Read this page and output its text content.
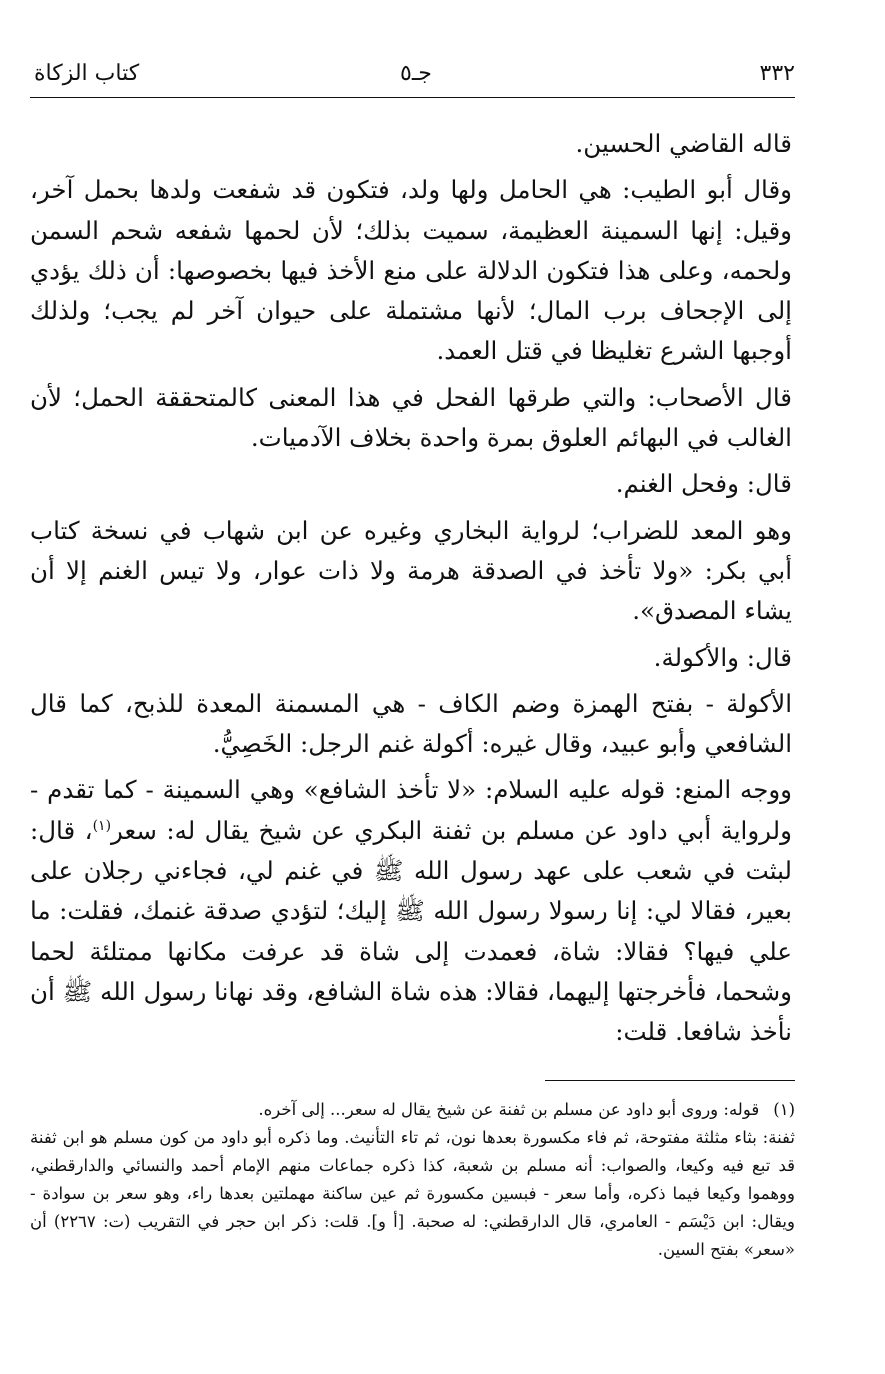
كتاب الزكاة	جـ٥	٣٣٢

قاله القاضي الحسين.

وقال أبو الطيب: هي الحامل ولها ولد، فتكون قد شفعت ولدها بحمل آخر، وقيل: إنها السمينة العظيمة، سميت بذلك؛ لأن لحمها شفعه شحم السمن ولحمه، وعلى هذا فتكون الدلالة على منع الأخذ فيها بخصوصها: أن ذلك يؤدي إلى الإجحاف برب المال؛ لأنها مشتملة على حيوان آخر لم يجب؛ ولذلك أوجبها الشرع تغليظا في قتل العمد.

قال الأصحاب: والتي طرقها الفحل في هذا المعنى كالمتحققة الحمل؛ لأن الغالب في البهائم العلوق بمرة واحدة بخلاف الآدميات.

قال: وفحل الغنم.

وهو المعد للضراب؛ لرواية البخاري وغيره عن ابن شهاب في نسخة كتاب أبي بكر: «ولا تأخذ في الصدقة هرمة ولا ذات عوار، ولا تيس الغنم إلا أن يشاء المصدق».

قال: والأكولة.

الأكولة - بفتح الهمزة وضم الكاف - هي المسمنة المعدة للذبح، كما قال الشافعي وأبو عبيد، وقال غيره: أكولة غنم الرجل: الخَصِيُّ.

ووجه المنع: قوله عليه السلام: «لا تأخذ الشافع» وهي السمينة - كما تقدم - ولرواية أبي داود عن مسلم بن ثفنة البكري عن شيخ يقال له: سعر$^{(١)}$، قال: لبثت في شعب على عهد رسول الله ﷺ في غنم لي، فجاءني رجلان على بعير، فقالا لي: إنا رسولا رسول الله ﷺ إليك؛ لتؤدي صدقة غنمك، فقلت: ما علي فيها؟ فقالا: شاة، فعمدت إلى شاة قد عرفت مكانها ممتلئة لحما وشحما، فأخرجتها إليهما، فقالا: هذه شاة الشافع، وقد نهانا رسول الله ﷺ أن نأخذ شافعا. قلت:

(١)قوله: وروى أبو داود عن مسلم بن ثفنة عن شيخ يقال له سعر... إلى آخره.

ثفنة: بثاء مثلثة مفتوحة، ثم فاء مكسورة بعدها نون، ثم تاء التأنيث. وما ذكره أبو داود من كون مسلم هو ابن ثفنة قد تبع فيه وكيعا، والصواب: أنه مسلم بن شعبة، كذا ذكره جماعات منهم الإمام أحمد والنسائي والدارقطني، ووهموا وكيعا فيما ذكره، وأما سعر - فبسين مكسورة ثم عين ساكنة مهملتين بعدها راء، وهو سعر بن سوادة - ويقال: ابن دَيْسَم - العامري، قال الدارقطني: له صحبة. [أ و]. قلت: ذكر ابن حجر في التقريب (ت: ٢٢٦٧) أن «سعر» بفتح السين.
